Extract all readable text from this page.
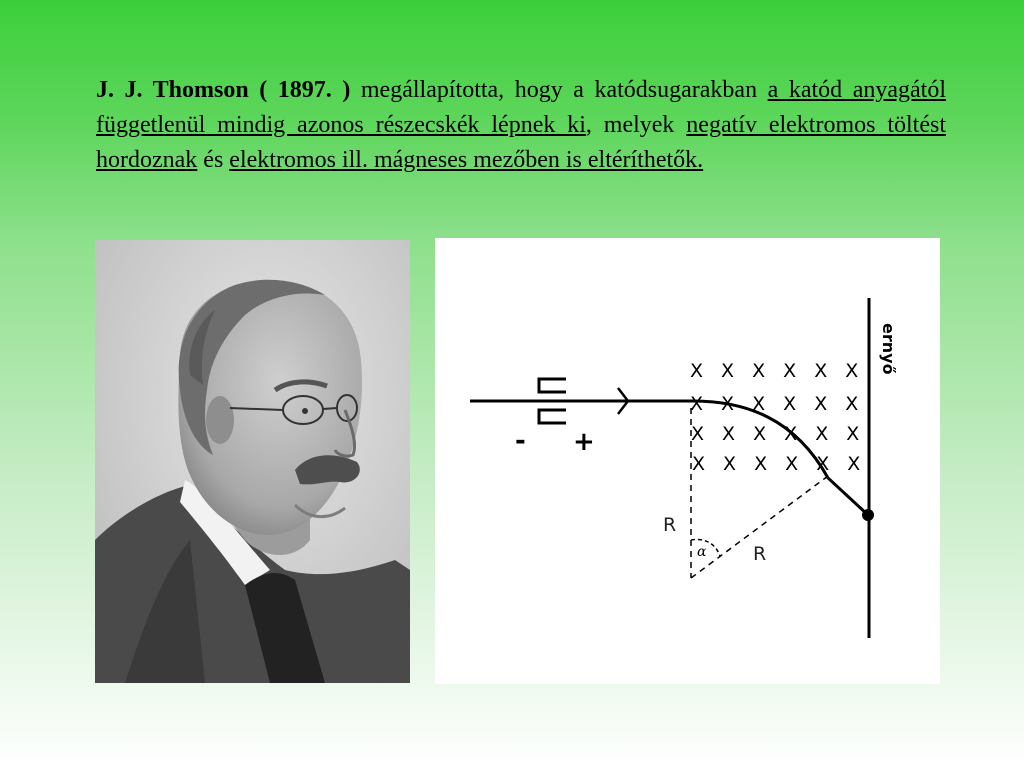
J. J. Thomson ( 1897. ) megállapította, hogy a katódsugarakban a katód anyagától függetlenül mindig azonos részecskék lépnek ki, melyek negatív elektromos töltést hordoznak és elektromos ill. mágneses mezőben is eltéríthetők.
- +
X X X X X X
X X X X X X
X X X X X X
X X X X X X
ernyő
R
R
α
